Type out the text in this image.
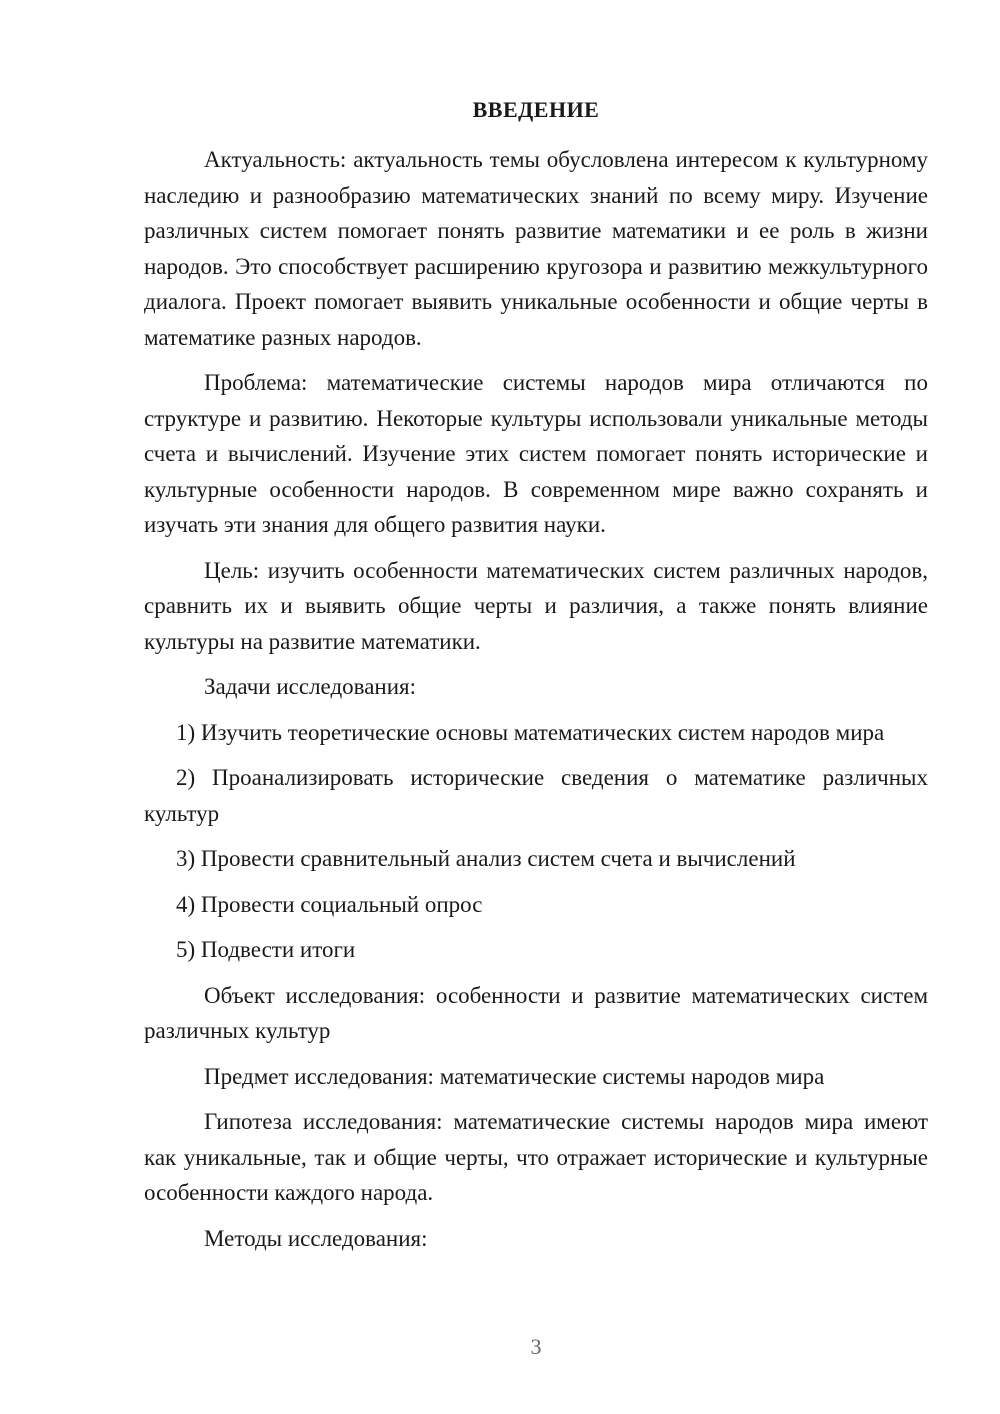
ВВЕДЕНИЕ

Актуальность: актуальность темы обусловлена интересом к культурному наследию и разнообразию математических знаний по всему миру. Изучение различных систем помогает понять развитие математики и ее роль в жизни народов. Это способствует расширению кругозора и развитию межкультурного диалога. Проект помогает выявить уникальные особенности и общие черты в математике разных народов.

Проблема: математические системы народов мира отличаются по структуре и развитию. Некоторые культуры использовали уникальные методы счета и вычислений. Изучение этих систем помогает понять исторические и культурные особенности народов. В современном мире важно сохранять и изучать эти знания для общего развития науки.

Цель: изучить особенности математических систем различных народов, сравнить их и выявить общие черты и различия, а также понять влияние культуры на развитие математики.

Задачи исследования:

1) Изучить теоретические основы математических систем народов мира

2) Проанализировать исторические сведения о математике различных культур

3) Провести сравнительный анализ систем счета и вычислений

4) Провести социальный опрос

5) Подвести итоги

Объект исследования: особенности и развитие математических систем различных культур

Предмет исследования: математические системы народов мира

Гипотеза исследования: математические системы народов мира имеют как уникальные, так и общие черты, что отражает исторические и культурные особенности каждого народа.

Методы исследования:

3
